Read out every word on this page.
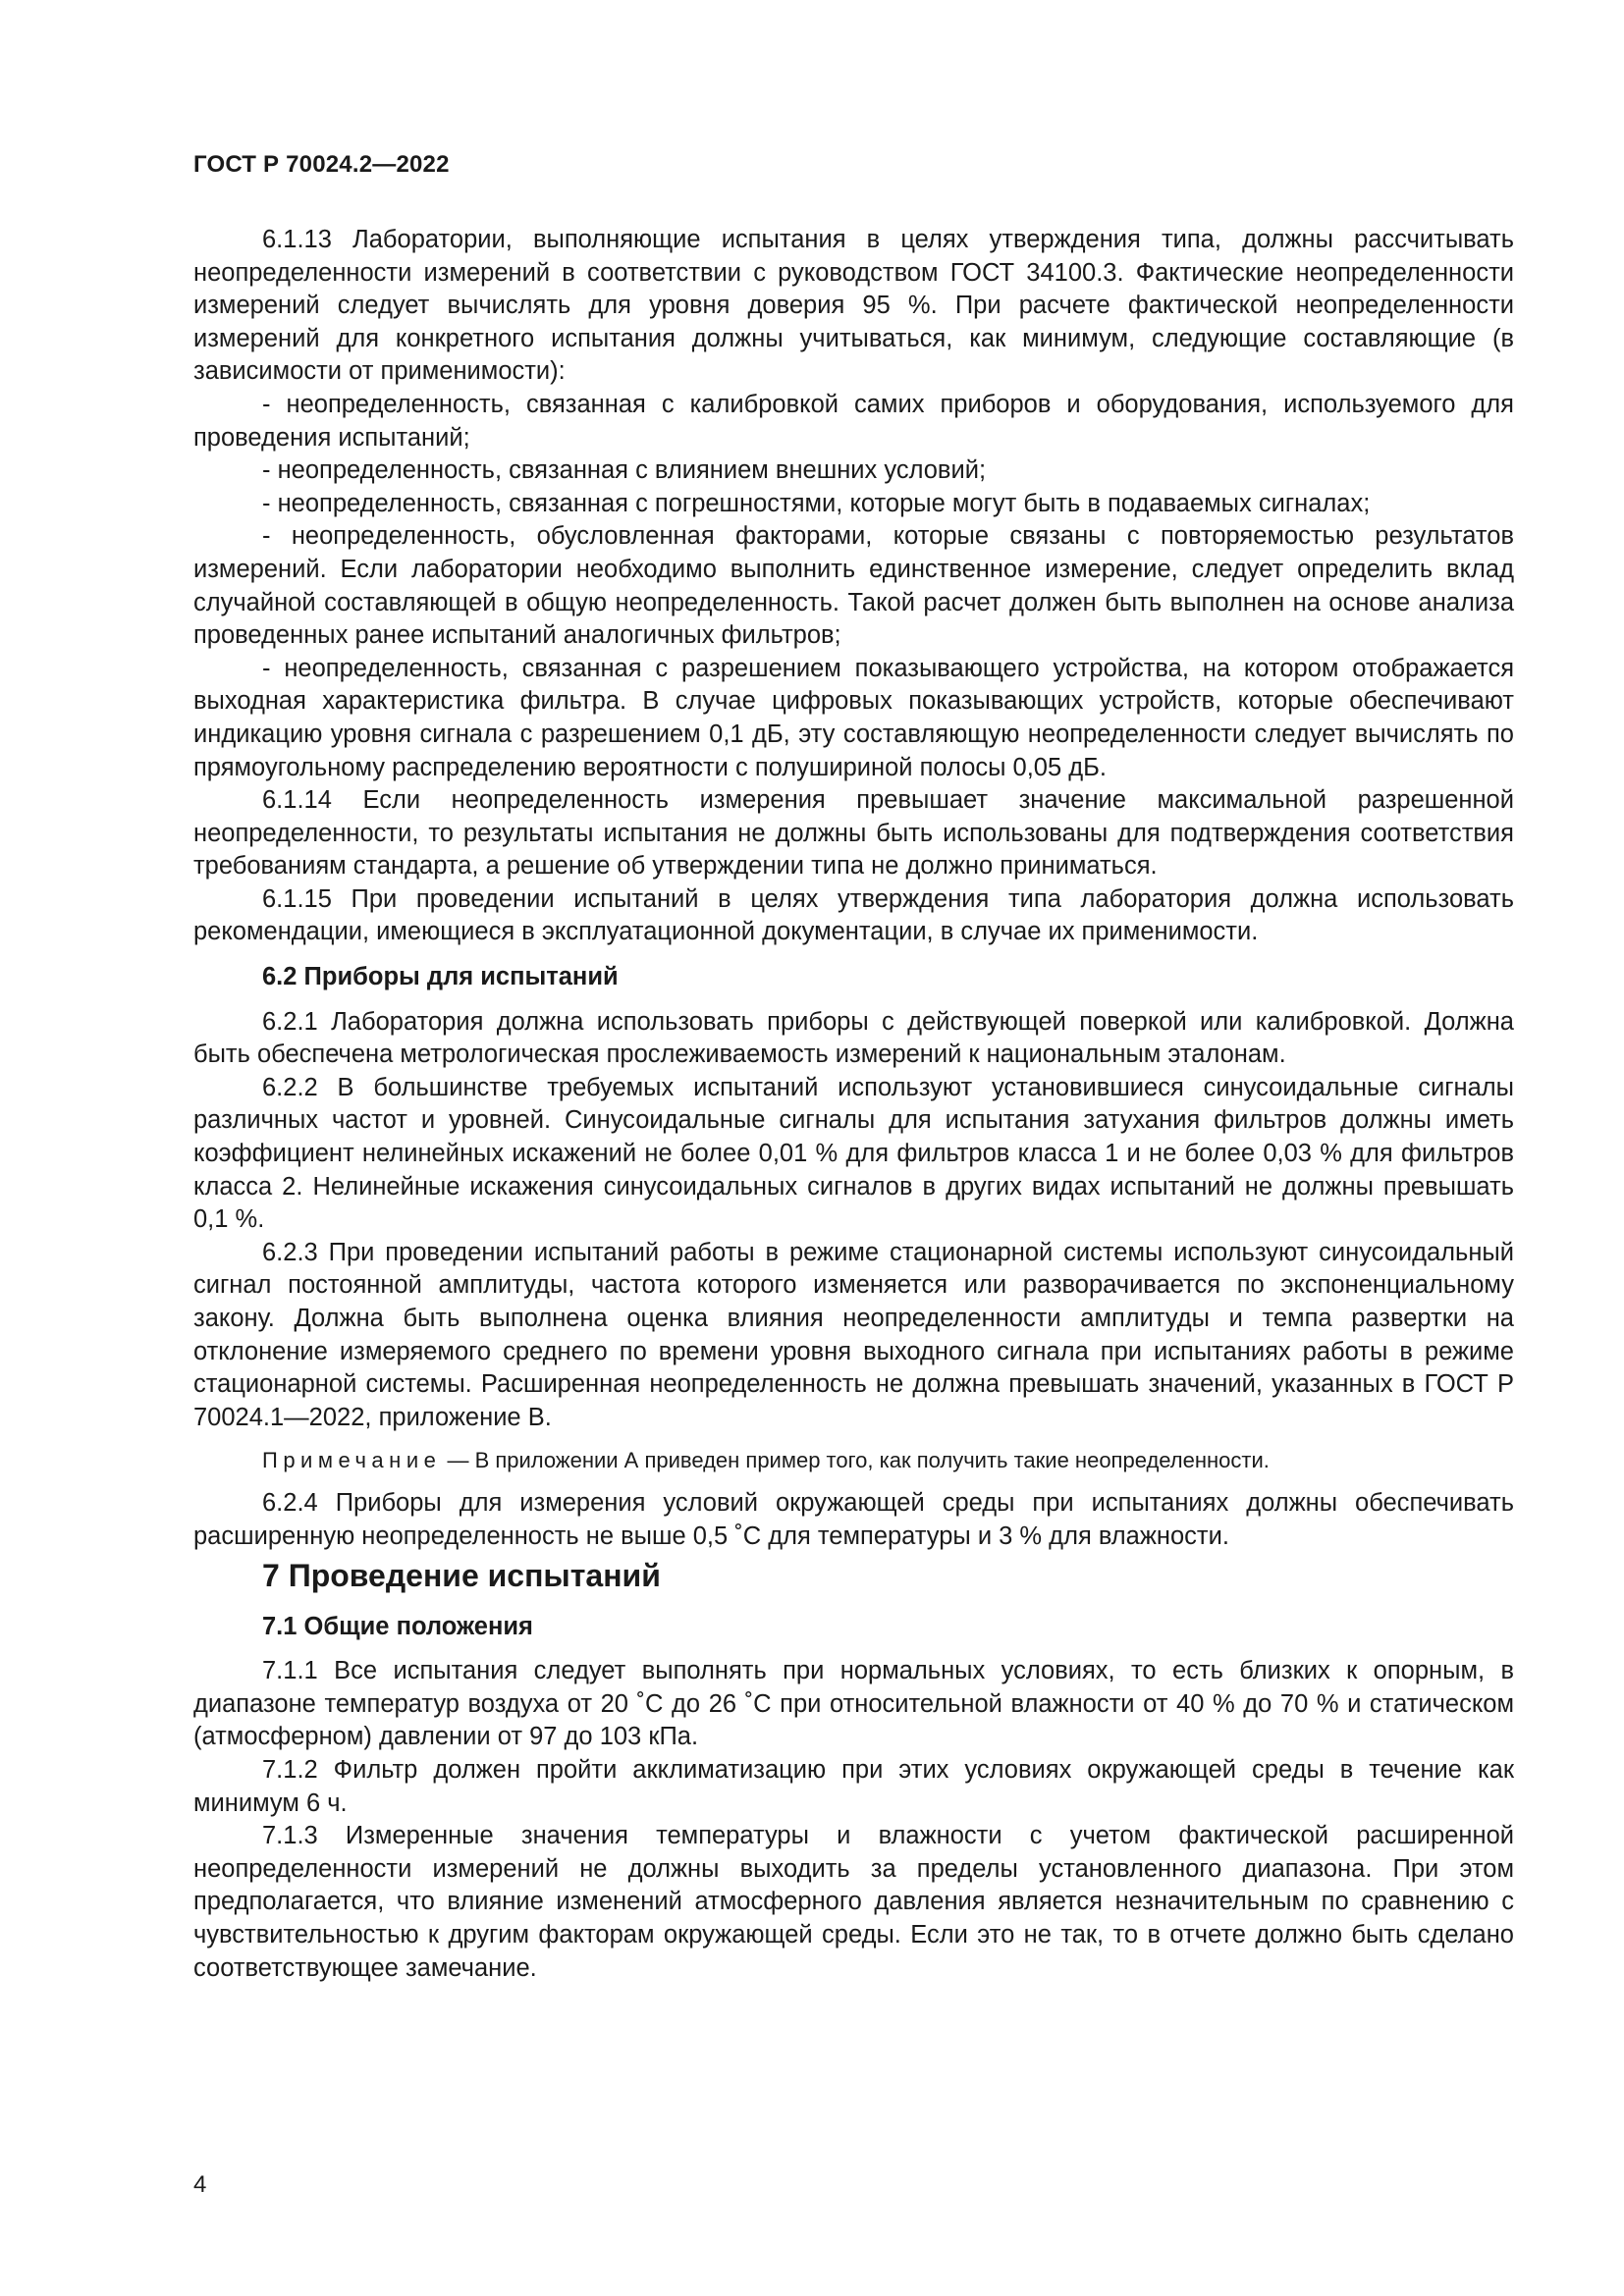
ГОСТ Р 70024.2—2022

6.1.13 Лаборатории, выполняющие испытания в целях утверждения типа, должны рассчитывать неопределенности измерений в соответствии с руководством ГОСТ 34100.3. Фактические неопределенности измерений следует вычислять для уровня доверия 95 %. При расчете фактической неопределенности измерений для конкретного испытания должны учитываться, как минимум, следующие составляющие (в зависимости от применимости):

- неопределенность, связанная с калибровкой самих приборов и оборудования, используемого для проведения испытаний;

- неопределенность, связанная с влиянием внешних условий;

- неопределенность, связанная с погрешностями, которые могут быть в подаваемых сигналах;

- неопределенность, обусловленная факторами, которые связаны с повторяемостью результатов измерений. Если лаборатории необходимо выполнить единственное измерение, следует определить вклад случайной составляющей в общую неопределенность. Такой расчет должен быть выполнен на основе анализа проведенных ранее испытаний аналогичных фильтров;

- неопределенность, связанная с разрешением показывающего устройства, на котором отображается выходная характеристика фильтра. В случае цифровых показывающих устройств, которые обеспечивают индикацию уровня сигнала с разрешением 0,1 дБ, эту составляющую неопределенности следует вычислять по прямоугольному распределению вероятности с полушириной полосы 0,05 дБ.

6.1.14 Если неопределенность измерения превышает значение максимальной разрешенной неопределенности, то результаты испытания не должны быть использованы для подтверждения соответствия требованиям стандарта, а решение об утверждении типа не должно приниматься.

6.1.15 При проведении испытаний в целях утверждения типа лаборатория должна использовать рекомендации, имеющиеся в эксплуатационной документации, в случае их применимости.

6.2 Приборы для испытаний

6.2.1 Лаборатория должна использовать приборы с действующей поверкой или калибровкой. Должна быть обеспечена метрологическая прослеживаемость измерений к национальным эталонам.

6.2.2 В большинстве требуемых испытаний используют установившиеся синусоидальные сигналы различных частот и уровней. Синусоидальные сигналы для испытания затухания фильтров должны иметь коэффициент нелинейных искажений не более 0,01 % для фильтров класса 1 и не более 0,03 % для фильтров класса 2. Нелинейные искажения синусоидальных сигналов в других видах испытаний не должны превышать 0,1 %.

6.2.3 При проведении испытаний работы в режиме стационарной системы используют синусоидальный сигнал постоянной амплитуды, частота которого изменяется или разворачивается по экспоненциальному закону. Должна быть выполнена оценка влияния неопределенности амплитуды и темпа развертки на отклонение измеряемого среднего по времени уровня выходного сигнала при испытаниях работы в режиме стационарной системы. Расширенная неопределенность не должна превышать значений, указанных в ГОСТ Р 70024.1—2022, приложение В.

Примечание — В приложении А приведен пример того, как получить такие неопределенности.

6.2.4 Приборы для измерения условий окружающей среды при испытаниях должны обеспечивать расширенную неопределенность не выше 0,5 ˚С для температуры и 3 % для влажности.

7 Проведение испытаний

7.1 Общие положения

7.1.1 Все испытания следует выполнять при нормальных условиях, то есть близких к опорным, в диапазоне температур воздуха от 20 ˚С до 26 ˚С при относительной влажности от 40 % до 70 % и статическом (атмосферном) давлении от 97 до 103 кПа.

7.1.2 Фильтр должен пройти акклиматизацию при этих условиях окружающей среды в течение как минимум 6 ч.

7.1.3 Измеренные значения температуры и влажности с учетом фактической расширенной неопределенности измерений не должны выходить за пределы установленного диапазона. При этом предполагается, что влияние изменений атмосферного давления является незначительным по сравнению с чувствительностью к другим факторам окружающей среды. Если это не так, то в отчете должно быть сделано соответствующее замечание.

4
